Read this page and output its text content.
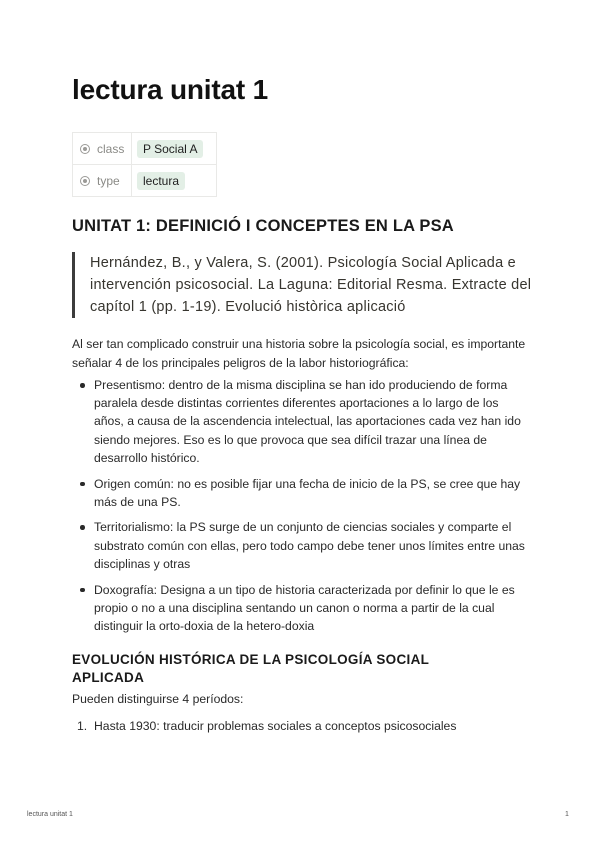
lectura unitat 1
class	P Social A

type	lectura
UNITAT 1: DEFINICIÓ I CONCEPTES EN LA PSA
Hernández, B., y Valera, S. (2001). Psicología Social Aplicada e intervención psicosocial. La Laguna: Editorial Resma. Extracte del capítol 1 (pp. 1-19). Evolució històrica aplicació

Al ser tan complicado construir una historia sobre la psicología social, es importante señalar 4 de los principales peligros de la labor historiográfica:

Presentismo: dentro de la misma disciplina se han ido produciendo de forma paralela desde distintas corrientes diferentes aportaciones a lo largo de los años, a causa de la ascendencia intelectual, las aportaciones cada vez han ido siendo mejores. Eso es lo que provoca que sea difícil trazar una línea de desarrollo histórico.
Origen común: no es posible fijar una fecha de inicio de la PS, se cree que hay más de una PS.
Territorialismo: la PS surge de un conjunto de ciencias sociales y comparte el substrato común con ellas, pero todo campo debe tener unos límites entre unas disciplinas y otras
Doxografía: Designa a un tipo de historia caracterizada por definir lo que le es propio o no a una disciplina sentando un canon o norma a partir de la cual distinguir la orto-doxia de la hetero-doxia
EVOLUCIÓN HISTÓRICA DE LA PSICOLOGÍA SOCIAL APLICADA
Pueden distinguirse 4 períodos:
1. Hasta 1930: traducir problemas sociales a conceptos psicosociales
lectura unitat 1	1
